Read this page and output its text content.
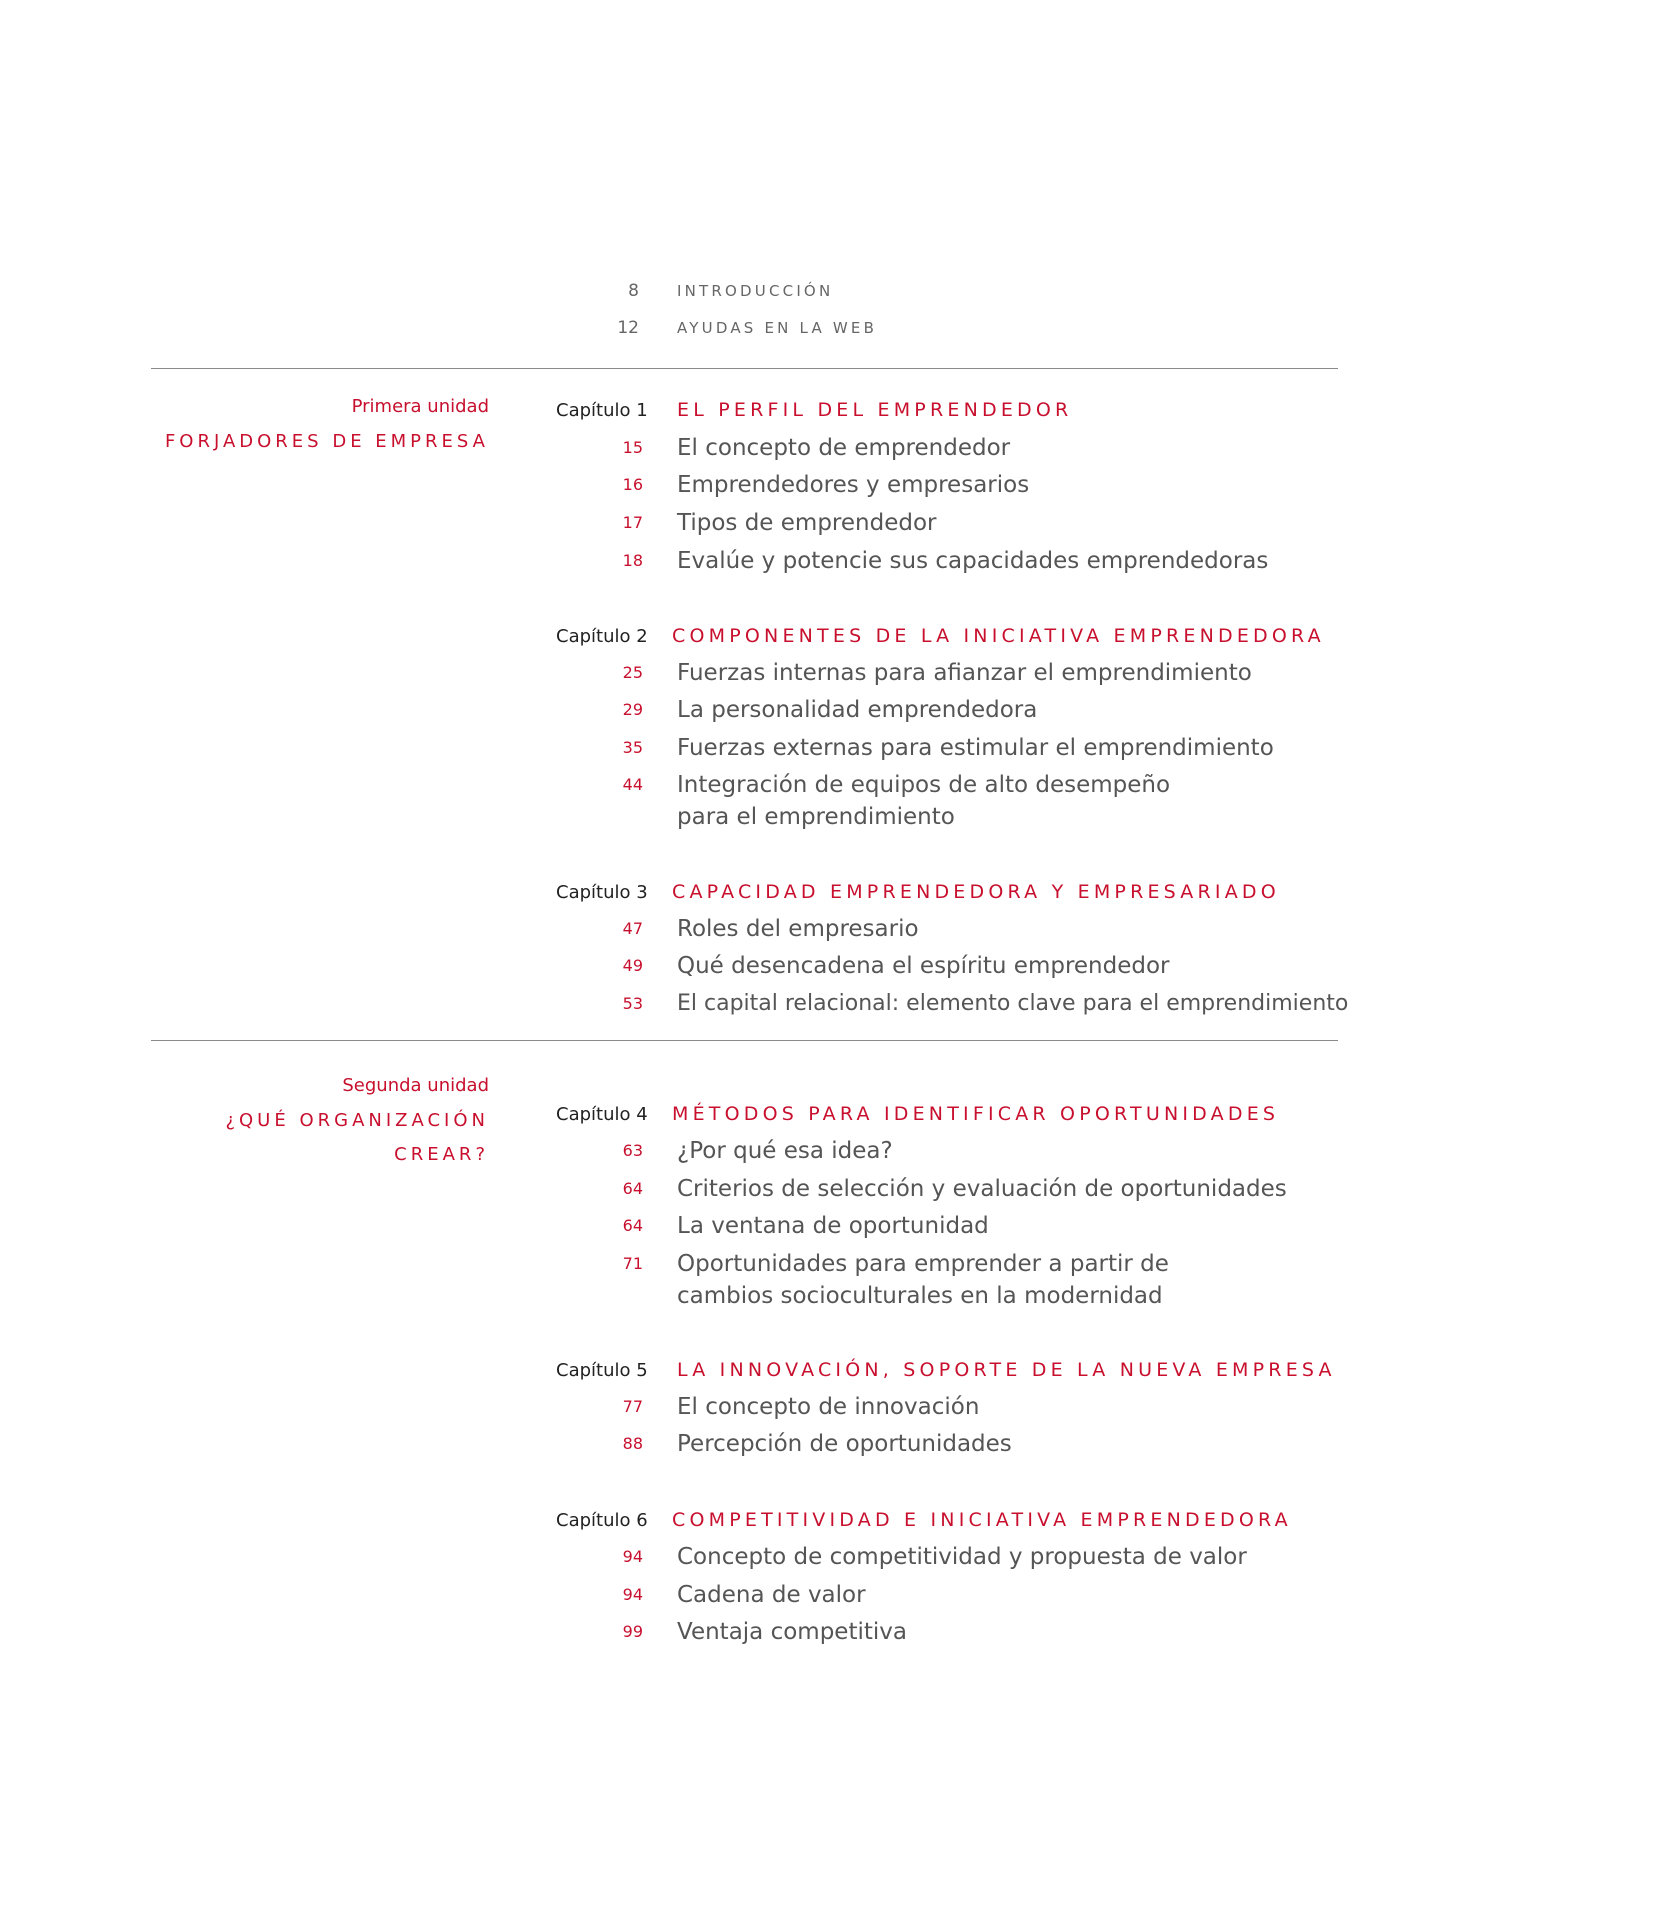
8	INTRODUCCIÓN
12	AYUDAS EN LA WEB
Primera unidad
FORJADORES DE EMPRESA
Capítulo 1 EL PERFIL DEL EMPRENDEDOR
15 El concepto de emprendedor
16 Emprendedores y empresarios
17 Tipos de emprendedor
18 Evalúe y potencie sus capacidades emprendedoras
Capítulo 2 COMPONENTES DE LA INICIATIVA EMPRENDEDORA
25 Fuerzas internas para afianzar el emprendimiento
29 La personalidad emprendedora
35 Fuerzas externas para estimular el emprendimiento
44 Integración de equipos de alto desempeño
para el emprendimiento
Capítulo 3 CAPACIDAD EMPRENDEDORA Y EMPRESARIADO
47 Roles del empresario
49 Qué desencadena el espíritu emprendedor
53 El capital relacional: elemento clave para el emprendimiento
Segunda unidad
¿QUÉ ORGANIZACIÓN
CREAR?
Capítulo 4 MÉTODOS PARA IDENTIFICAR OPORTUNIDADES
63 ¿Por qué esa idea?
64 Criterios de selección y evaluación de oportunidades
64 La ventana de oportunidad
71 Oportunidades para emprender a partir de
cambios socioculturales en la modernidad
Capítulo 5 LA INNOVACIÓN, SOPORTE DE LA NUEVA EMPRESA
77 El concepto de innovación
88 Percepción de oportunidades
Capítulo 6 COMPETITIVIDAD E INICIATIVA EMPRENDEDORA
94 Concepto de competitividad y propuesta de valor
94 Cadena de valor
99 Ventaja competitiva
